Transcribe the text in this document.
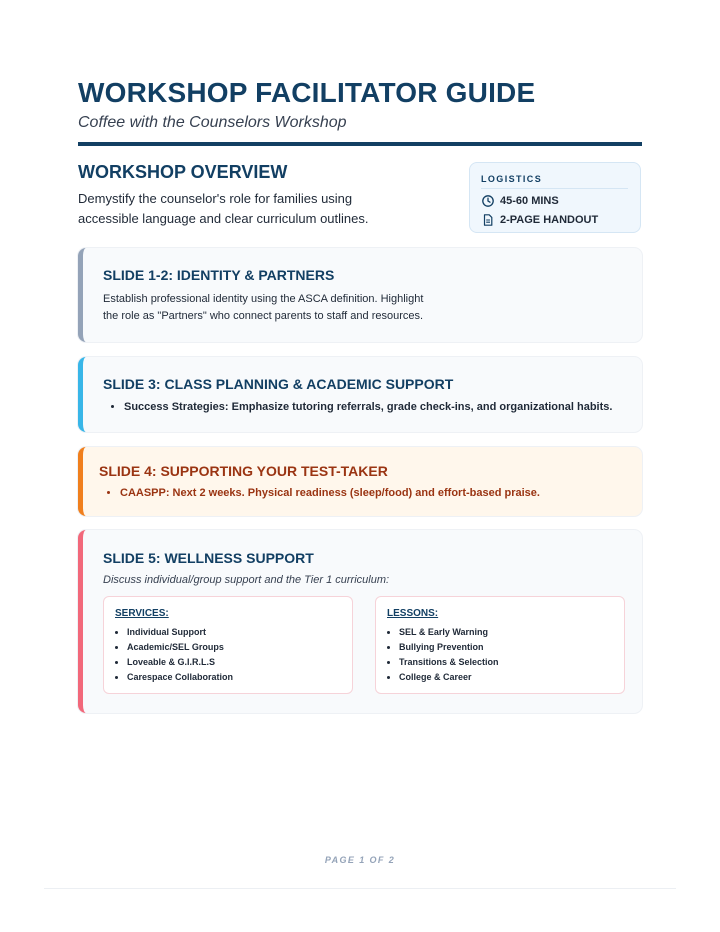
WORKSHOP FACILITATOR GUIDE
Coffee with the Counselors Workshop
WORKSHOP OVERVIEW
Demystify the counselor's role for families using accessible language and clear curriculum outlines.
LOGISTICS
45-60 MINS
2-PAGE HANDOUT
SLIDE 1-2: IDENTITY & PARTNERS

Establish professional identity using the ASCA definition. Highlight the role as "Partners" who connect parents to staff and resources.

SLIDE 3: CLASS PLANNING & ACADEMIC SUPPORT
• Success Strategies: Emphasize tutoring referrals, grade check-ins, and organizational habits.
SLIDE 4: SUPPORTING YOUR TEST-TAKER
• CAASPP: Next 2 weeks. Physical readiness (sleep/food) and effort-based praise.
SLIDE 5: WELLNESS SUPPORT

Discuss individual/group support and the Tier 1 curriculum:

SERVICES:
• Individual Support
• Academic/SEL Groups
• Loveable & G.I.R.L.S
• Carespace Collaboration
LESSONS:
• SEL & Early Warning
• Bullying Prevention
• Transitions & Selection
• College & Career
PAGE 1 OF 2
